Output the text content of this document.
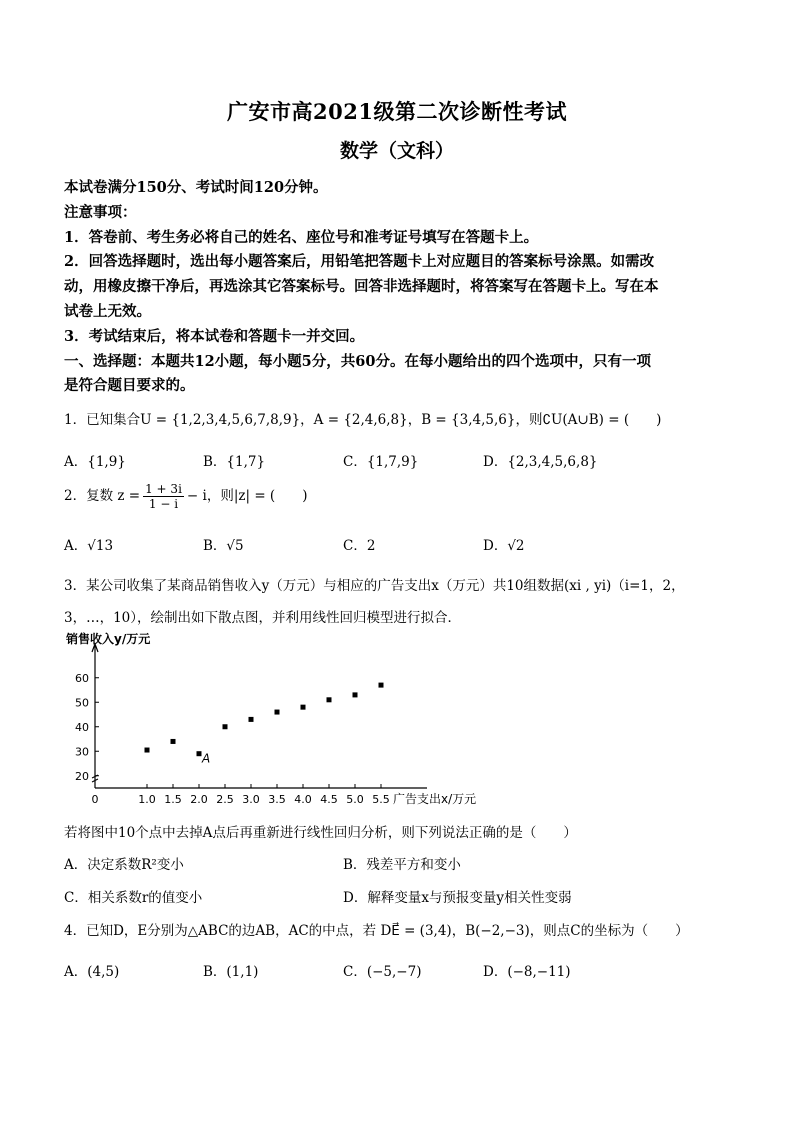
广安市高2021级第二次诊断性考试
数学（文科）
本试卷满分150分、考试时间120分钟。
注意事项：
1．答卷前、考生务必将自己的姓名、座位号和准考证号填写在答题卡上。
2．回答选择题时，选出每小题答案后，用铅笔把答题卡上对应题目的答案标号涂黑。如需改
动，用橡皮擦干净后，再选涂其它答案标号。回答非选择题时，将答案写在答题卡上。写在本
试卷上无效。
3．考试结束后，将本试卷和答题卡一并交回。
一、选择题：本题共12小题，每小题5分，共60分。在每小题给出的四个选项中，只有一项
是符合题目要求的。
1．已知集合U = {1,2,3,4,5,6,7,8,9}，A = {2,4,6,8}，B = {3,4,5,6}，则∁U(A∪B) = (　　)
A．{1,9}	B．{1,7}	C．{1,7,9}	D．{2,3,4,5,6,8}
2．复数 $z = \frac{1 + 3i}{1 - i} - i$，则|z| = (　　)
A．√13	B．√5	C．2	D．√2
3．某公司收集了某商品销售收入y（万元）与相应的广告支出x（万元）共10组数据(xi , yi)（i=1，2，
3，…，10），绘制出如下散点图，并利用线性回归模型进行拟合．
20
30
40
50
60
0	1.0 1.5 2.0 2.5 3.0 3.5 4.0 4.5 5.0 5.5
销售收入y/万元
广告支出x/万元
A
若将图中10个点中去掉A点后再重新进行线性回归分析，则下列说法正确的是（　　）
A．决定系数R²变小	B．残差平方和变小
C．相关系数r的值变小	D．解释变量x与预报变量y相关性变弱
4．已知D，E分别为△ABC的边AB，AC的中点，若 DE⃗ = (3,4)，B(−2,−3)，则点C的坐标为（　　）
A．(4,5)	B．(1,1)	C．(−5,−7)	D．(−8,−11)
